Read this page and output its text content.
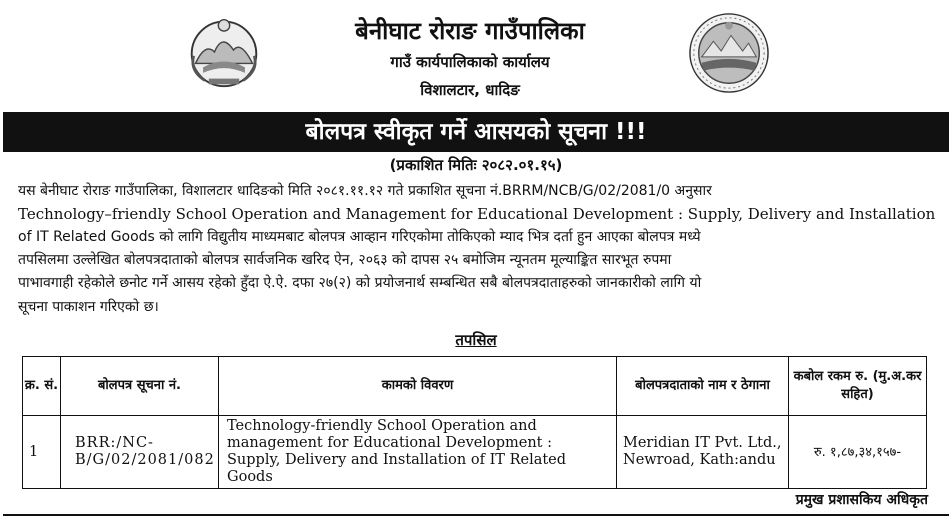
बेनीघाट रोराङ गाउँपालिका
गाउँ कार्यपालिकाको कार्यालय
विशालटार, धादिङ
बोलपत्र स्वीकृत गर्ने आसयको सूचना !!!
(प्रकाशित मितिः २०८२.०१.१५)
यस बेनीघाट रोराङ गाउँपालिका, विशालटार धादिङको मिति २०८१.११.१२ गते प्रकाशित सूचना नं.BRRM/NCB/G/02/2081/0 अनुसार
Technology–friendly School Operation and Management for Educational Development : Supply, Delivery and Installation
of IT Related Goods को लागि विद्युतीय माध्यमबाट बोलपत्र आव्हान गरिएकोमा तोकिएको म्याद भित्र दर्ता हुन आएका बोलपत्र मध्ये
तपसिलमा उल्लेखित बोलपत्रदाताको बोलपत्र सार्वजनिक खरिद ऐन, २०६३ को दापस २५ बमोजिम न्यूनतम मूल्याङ्कित सारभूत रुपमा
पाभावगाही रहेकोले छनोट गर्ने आसय रहेको हुँदा ऐ.ऐ. दफा २७(२) को प्रयोजनार्थ सम्बन्धित सबै बोलपत्रदाताहरुको जानकारीको लागि यो
सूचना पाकाशन गरिएको छ।
तपसिल
क्र. सं.	बोलपत्र सूचना नं.	कामको विवरण	बोलपत्रदाताको नाम र ठेगाना	कबोल रकम रु. (मु.अ.कर सहित)
1	BRR:/NC-B/G/02/2081/082	Technology-friendly School Operation and management for Educational Development : Supply, Delivery and Installation of IT Related Goods	Meridian IT Pvt. Ltd., Newroad, Kath:andu	रु. १,८७,३४,१५७-
प्रमुख प्रशासकिय अधिकृत
